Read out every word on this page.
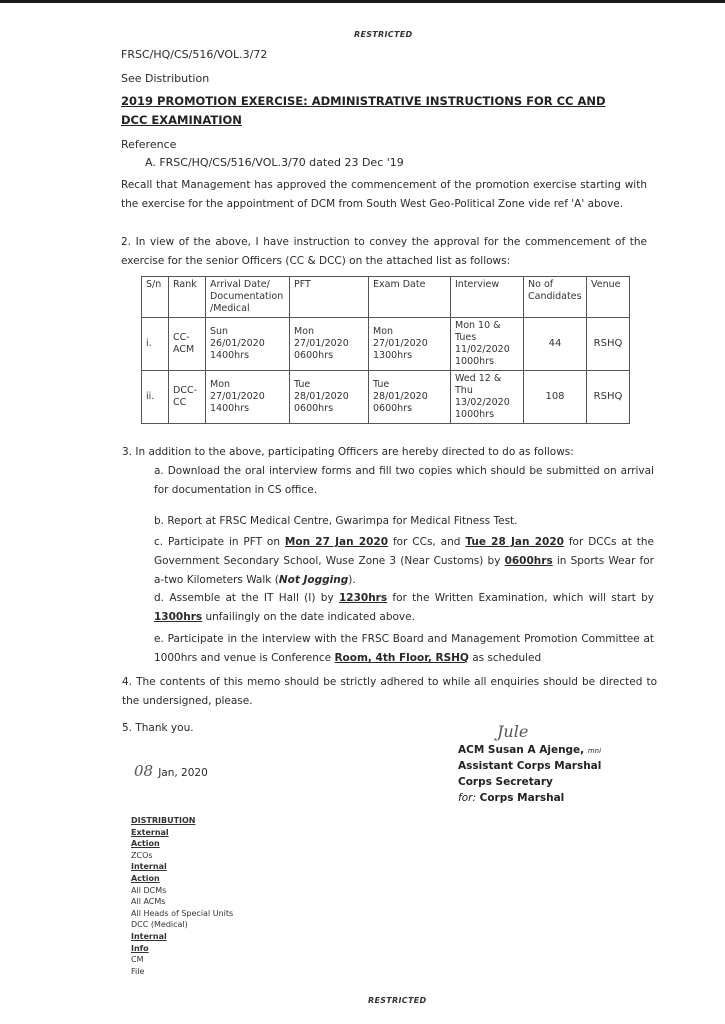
RESTRICTED
FRSC/HQ/CS/516/VOL.3/72
See Distribution
2019 PROMOTION EXERCISE: ADMINISTRATIVE INSTRUCTIONS FOR CC AND
DCC EXAMINATION
Reference
A. FRSC/HQ/CS/516/VOL.3/70 dated 23 Dec '19
Recall that Management has approved the commencement of the promotion exercise starting with the exercise for the appointment of DCM from South West Geo-Political Zone vide ref 'A' above.
2. In view of the above, I have instruction to convey the approval for the commencement of the exercise for the senior Officers (CC & DCC) on the attached list as follows:
S/n	Rank	Arrival Date/ Documentation /Medical	PFT	Exam Date	Interview	No of Candidates	Venue
i.	CC-ACM	Sun 26/01/2020 1400hrs	Mon 27/01/2020 0600hrs	Mon 27/01/2020 1300hrs	Mon 10 & Tues 11/02/2020 1000hrs	44	RSHQ
ii.	DCC-CC	Mon 27/01/2020 1400hrs	Tue 28/01/2020 0600hrs	Tue 28/01/2020 0600hrs	Wed 12 & Thu 13/02/2020 1000hrs	108	RSHQ
3. In addition to the above, participating Officers are hereby directed to do as follows:
a. Download the oral interview forms and fill two copies which should be submitted on arrival for documentation in CS office.
b. Report at FRSC Medical Centre, Gwarimpa for Medical Fitness Test.
c. Participate in PFT on Mon 27 Jan 2020 for CCs, and Tue 28 Jan 2020 for DCCs at the Government Secondary School, Wuse Zone 3 (Near Customs) by 0600hrs in Sports Wear for a-two Kilometers Walk (Not Jogging).
d. Assemble at the IT Hall (I) by 1230hrs for the Written Examination, which will start by 1300hrs unfailingly on the date indicated above.
e. Participate in the interview with the FRSC Board and Management Promotion Committee at 1000hrs and venue is Conference Room, 4th Floor, RSHQ as scheduled
4. The contents of this memo should be strictly adhered to while all enquiries should be directed to the undersigned, please.
5. Thank you.	Jule
ACM Susan A Ajenge, mni
Assistant Corps Marshal
Corps Secretary
for: Corps Marshal
08 Jan, 2020
DISTRIBUTION
External
Action
ZCOs
Internal
Action
All DCMs
All ACMs
All Heads of Special Units
DCC (Medical)
Internal
Info
CM
File
RESTRICTED
